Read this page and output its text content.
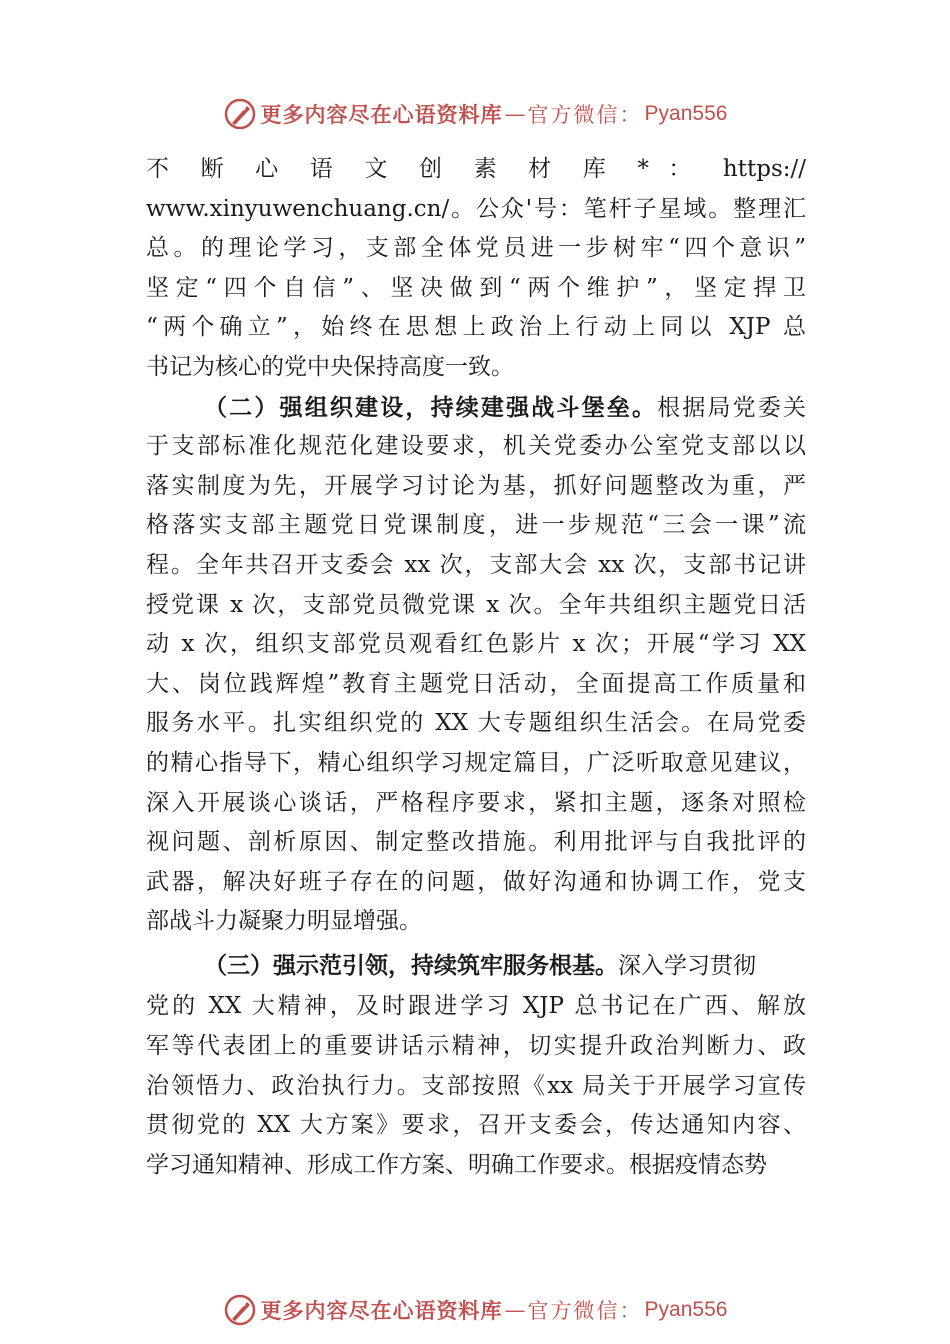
更多内容尽在心语资料库 — 官方微信： Pyan556
不 断 心 语 文 创 素 材 库 * ： https://
www.xinyuwenchuang.cn/。公众'号：笔杆子星域。整理汇
总。的理论学习，支部全体党员进一步树牢“四个意识”
坚定“四个自信”、坚决做到“两个维护”，坚定捍卫
“两个确立”，始终在思想上政治上行动上同以 XJP 总
书记为核心的党中央保持高度一致。
（二）强组织建设，持续建强战斗堡垒。根据局党委关
于支部标准化规范化建设要求，机关党委办公室党支部以以
落实制度为先，开展学习讨论为基，抓好问题整改为重，严
格落实支部主题党日党课制度，进一步规范“三会一课”流
程。全年共召开支委会 xx 次，支部大会 xx 次，支部书记讲
授党课 x 次，支部党员微党课 x 次。全年共组织主题党日活
动 x 次，组织支部党员观看红色影片 x 次；开展“学习 XX
大、岗位践辉煌”教育主题党日活动，全面提高工作质量和
服务水平。扎实组织党的 XX 大专题组织生活会。在局党委
的精心指导下，精心组织学习规定篇目，广泛听取意见建议，
深入开展谈心谈话，严格程序要求，紧扣主题，逐条对照检
视问题、剖析原因、制定整改措施。利用批评与自我批评的
武器，解决好班子存在的问题，做好沟通和协调工作，党支
部战斗力凝聚力明显增强。
（三）强示范引领，持续筑牢服务根基。深入学习贯彻
党的 XX 大精神，及时跟进学习 XJP 总书记在广西、解放
军等代表团上的重要讲话示精神，切实提升政治判断力、政
治领悟力、政治执行力。支部按照《xx 局关于开展学习宣传
贯彻党的 XX 大方案》要求，召开支委会，传达通知内容、
学习通知精神、形成工作方案、明确工作要求。根据疫情态势
更多内容尽在心语资料库 — 官方微信： Pyan556
